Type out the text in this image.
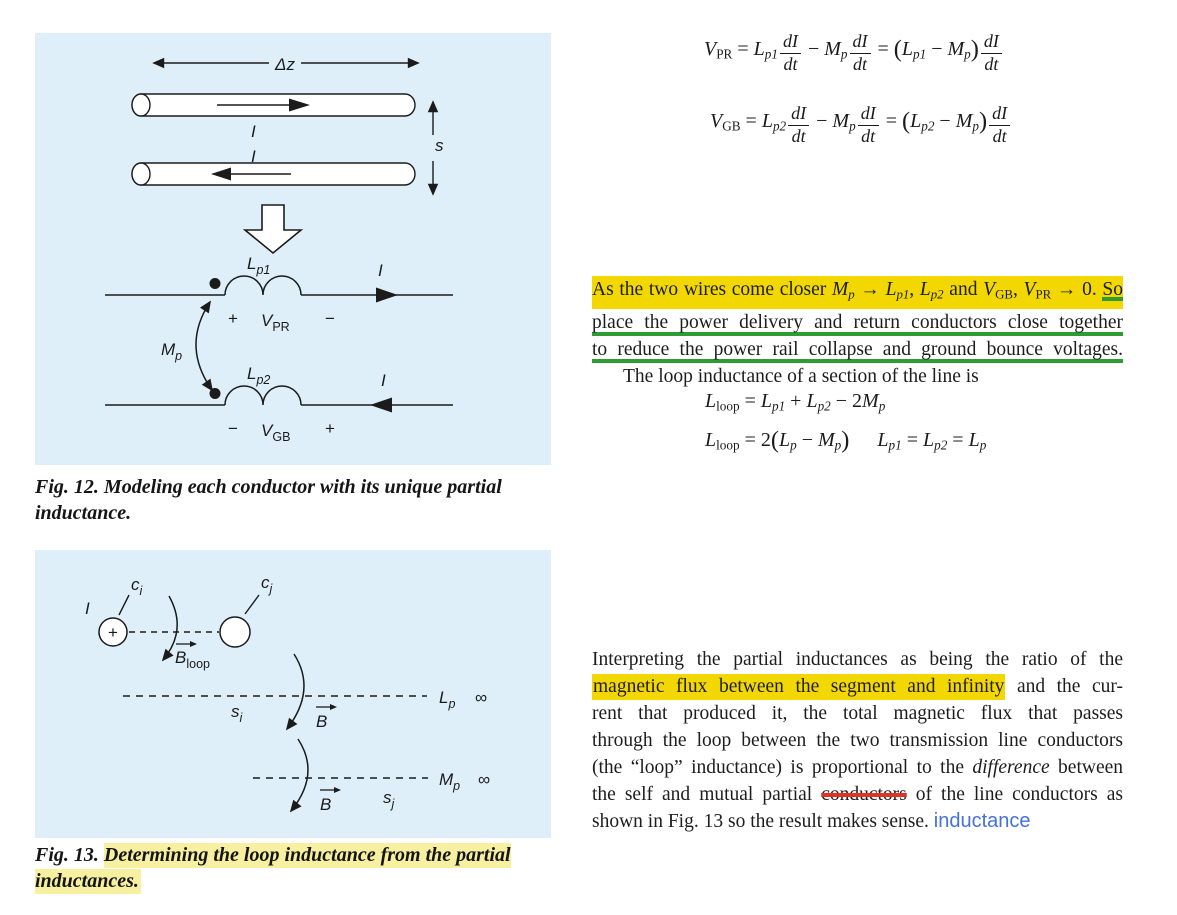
Δz
I
I
s
$L_{p1}$	I
+ $V_{PR}$ −
$M_p$
$L_{p2}$	I
− $V_{GB}$ +
Fig. 12. Modeling each conductor with its unique partial inductance.
I
+
$c_i$	$c_j$
$B_{loop}$
$s_i$	B
$L_p$ ∞
B	$s_j$
$M_p$ ∞
Fig. 13. Determining the loop inductance from the partial inductances.
$V_{PR} = L_{p1} \frac{dI}{dt} - M_p \frac{dI}{dt} = (L_{p1} - M_p) \frac{dI}{dt}$
$V_{GB} = L_{p2} \frac{dI}{dt} - M_p \frac{dI}{dt} = (L_{p2} - M_p) \frac{dI}{dt}$
As the two wires come closer $M_p \to L_{p1}$, $L_{p2}$ and $V_{GB}$, $V_{PR} \to 0$. So
place the power delivery and return conductors close together
to reduce the power rail collapse and ground bounce voltages.
The loop inductance of a section of the line is
$L_{loop} = L_{p1} + L_{p2} - 2M_p$
$L_{loop} = 2(L_p - M_p) L_{p1} = L_{p2} = L_p$
Interpreting the partial inductances as being the ratio of the
magnetic flux between the segment and infinity and the cur-
rent that produced it, the total magnetic flux that passes
through the loop between the two transmission line conductors
(the “loop” inductance) is proportional to the difference between
the self and mutual partial conductors of the line conductors as
shown in Fig. 13 so the result makes sense. inductance
